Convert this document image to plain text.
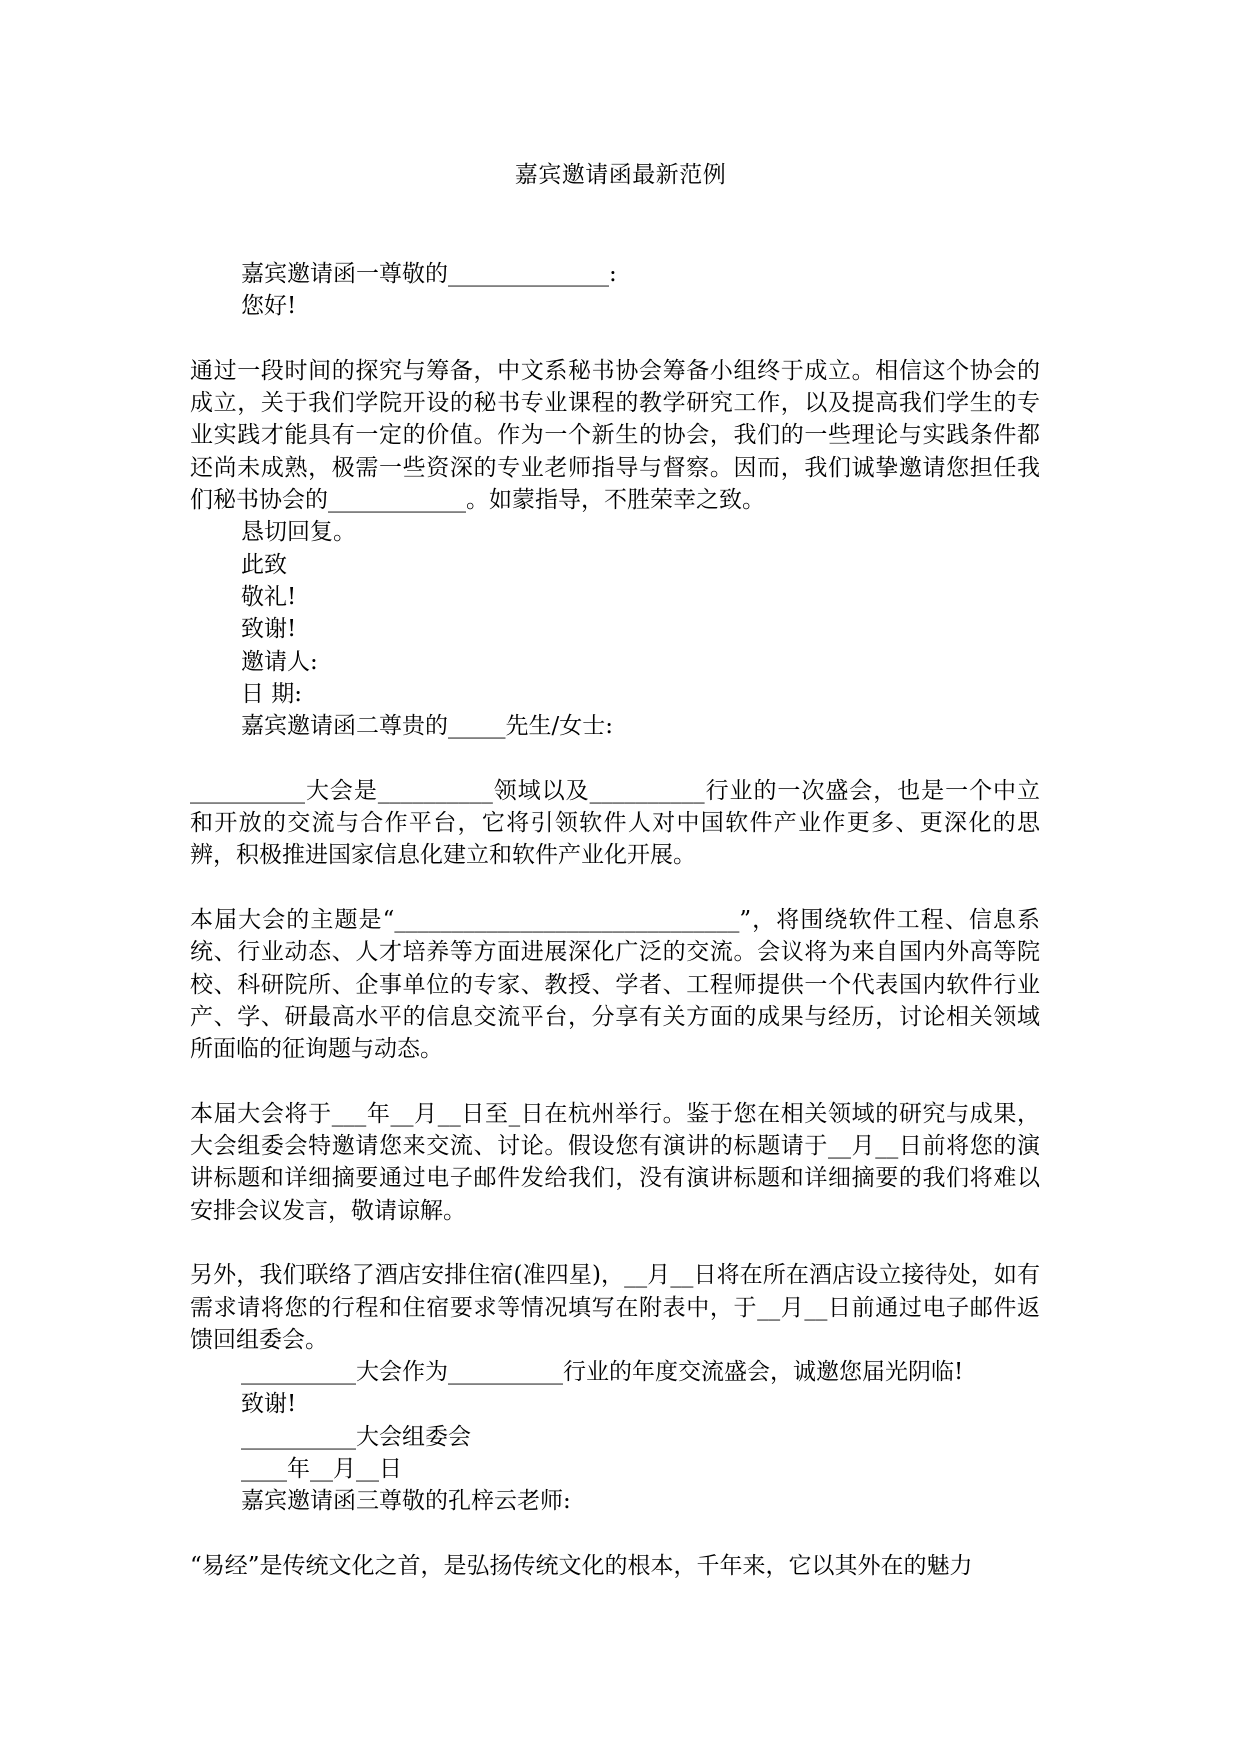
嘉宾邀请函最新范例
嘉宾邀请函一尊敬的______________:
您好!
通过一段时间的探究与筹备，中文系秘书协会筹备小组终于成立。相信这个协会的成立，关于我们学院开设的秘书专业课程的教学研究工作，以及提高我们学生的专业实践才能具有一定的价值。作为一个新生的协会，我们的一些理论与实践条件都还尚未成熟，极需一些资深的专业老师指导与督察。因而，我们诚挚邀请您担任我们秘书协会的____________。如蒙指导，不胜荣幸之致。
恳切回复。
此致
敬礼!
致谢!
邀请人:
日 期:
嘉宾邀请函二尊贵的_____先生/女士:
__________大会是__________领域以及__________行业的一次盛会，也是一个中立和开放的交流与合作平台，它将引领软件人对中国软件产业作更多、更深化的思辨，积极推进国家信息化建立和软件产业化开展。
本届大会的主题是“______________________________”，将围绕软件工程、信息系统、行业动态、人才培养等方面进展深化广泛的交流。会议将为来自国内外高等院校、科研院所、企事单位的专家、教授、学者、工程师提供一个代表国内软件行业产、学、研最高水平的信息交流平台，分享有关方面的成果与经历，讨论相关领域所面临的征询题与动态。
本届大会将于___年__月__日至_日在杭州举行。鉴于您在相关领域的研究与成果，大会组委会特邀请您来交流、讨论。假设您有演讲的标题请于__月__日前将您的演讲标题和详细摘要通过电子邮件发给我们，没有演讲标题和详细摘要的我们将难以安排会议发言，敬请谅解。
另外，我们联络了酒店安排住宿(准四星)，__月__日将在所在酒店设立接待处，如有需求请将您的行程和住宿要求等情况填写在附表中，于__月__日前通过电子邮件返馈回组委会。
__________大会作为__________行业的年度交流盛会，诚邀您届光阴临!
致谢!
__________大会组委会
____年__月__日
嘉宾邀请函三尊敬的孔梓云老师:
“易经”是传统文化之首，是弘扬传统文化的根本，千年来，它以其外在的魅力
